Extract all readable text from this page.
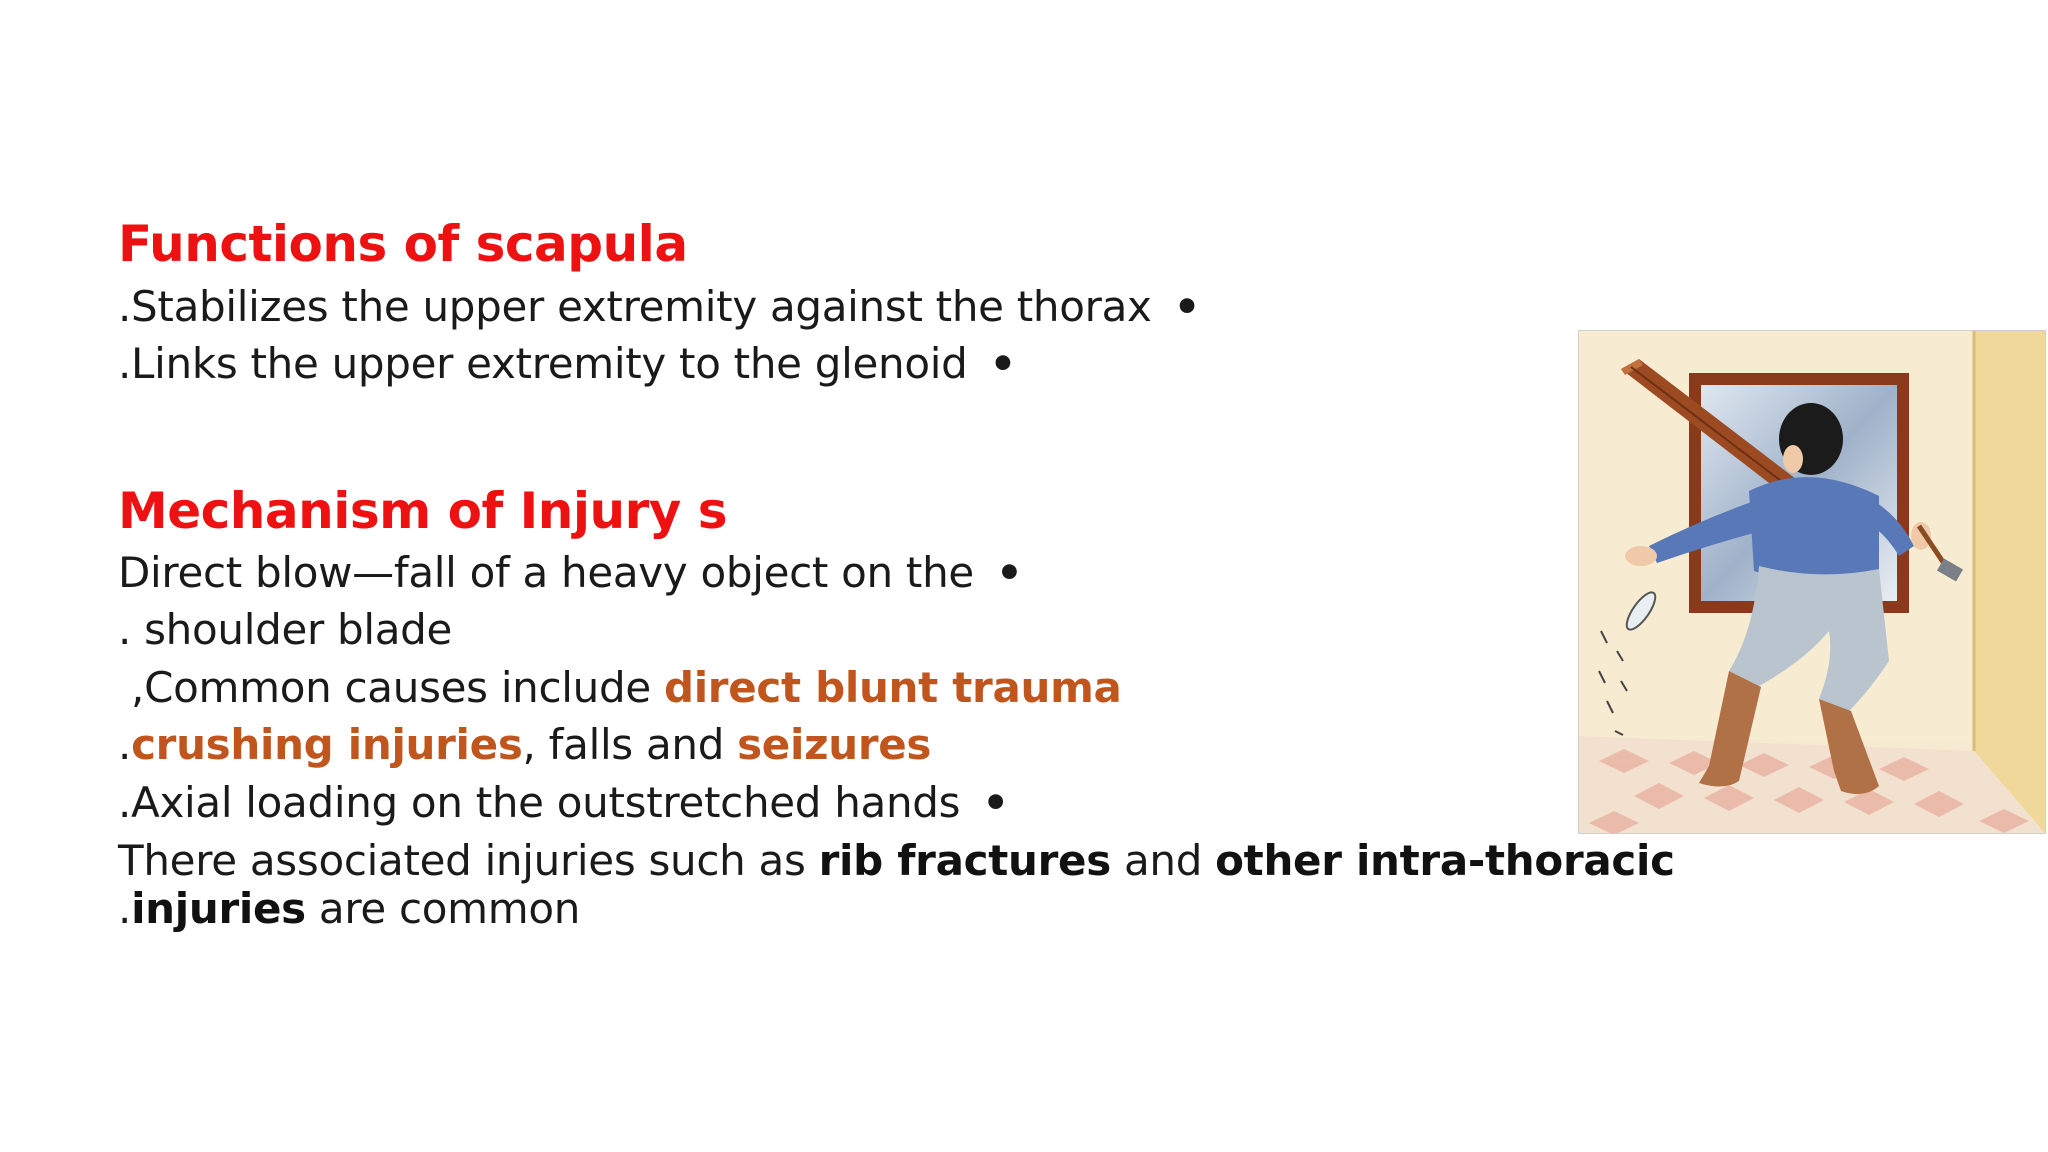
Functions of scapula
.Stabilizes the upper extremity against the thorax •
.Links the upper extremity to the glenoid •
Mechanism of Injury s
Direct blow—fall of a heavy object on the •
. shoulder blade
,Common causes include direct blunt trauma
.crushing injuries, falls and seizures
.Axial loading on the outstretched hands •
There associated injuries such as rib fractures and other intra-thoracic
.injuries are common
